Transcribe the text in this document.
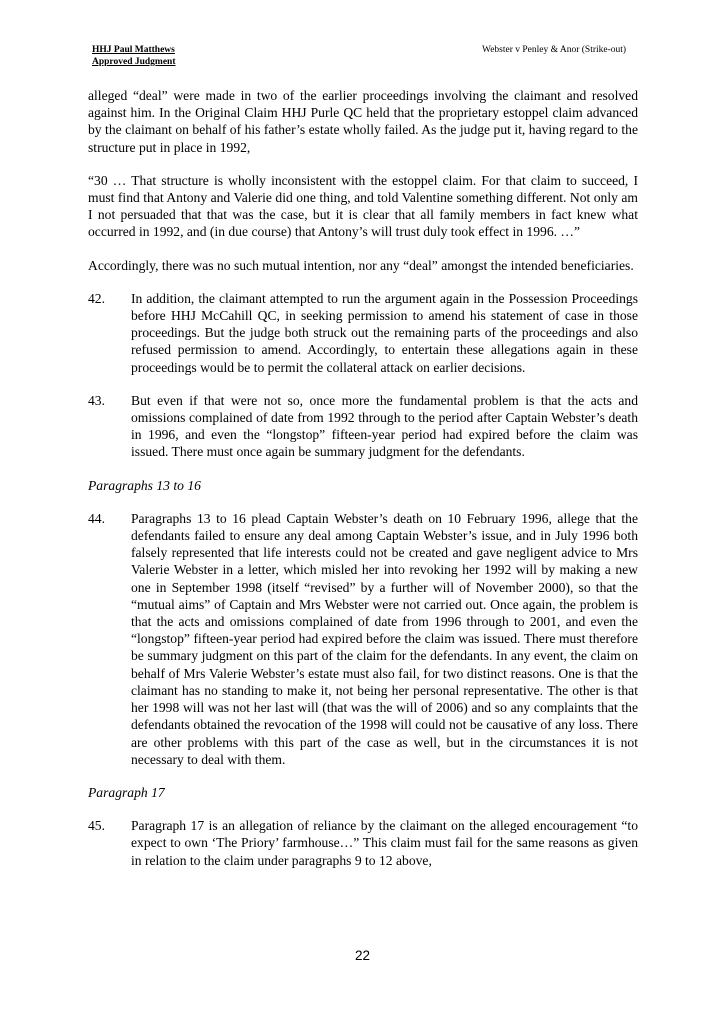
HHJ Paul Matthews
Approved Judgment
Webster v Penley & Anor (Strike-out)

alleged “deal” were made in two of the earlier proceedings involving the claimant and resolved against him. In the Original Claim HHJ Purle QC held that the proprietary estoppel claim advanced by the claimant on behalf of his father’s estate wholly failed. As the judge put it, having regard to the structure put in place in 1992,

“30 … That structure is wholly inconsistent with the estoppel claim. For that claim to succeed, I must find that Antony and Valerie did one thing, and told Valentine something different. Not only am I not persuaded that that was the case, but it is clear that all family members in fact knew what occurred in 1992, and (in due course) that Antony’s will trust duly took effect in 1996. …”

Accordingly, there was no such mutual intention, nor any “deal” amongst the intended beneficiaries.

42.	In addition, the claimant attempted to run the argument again in the Possession Proceedings before HHJ McCahill QC, in seeking permission to amend his statement of case in those proceedings. But the judge both struck out the remaining parts of the proceedings and also refused permission to amend. Accordingly, to entertain these allegations again in these proceedings would be to permit the collateral attack on earlier decisions.
43.	But even if that were not so, once more the fundamental problem is that the acts and omissions complained of date from 1992 through to the period after Captain Webster’s death in 1996, and even the “longstop” fifteen-year period had expired before the claim was issued. There must once again be summary judgment for the defendants.

Paragraphs 13 to 16

44.	Paragraphs 13 to 16 plead Captain Webster’s death on 10 February 1996, allege that the defendants failed to ensure any deal among Captain Webster’s issue, and in July 1996 both falsely represented that life interests could not be created and gave negligent advice to Mrs Valerie Webster in a letter, which misled her into revoking her 1992 will by making a new one in September 1998 (itself “revised” by a further will of November 2000), so that the “mutual aims” of Captain and Mrs Webster were not carried out. Once again, the problem is that the acts and omissions complained of date from 1996 through to 2001, and even the “longstop” fifteen-year period had expired before the claim was issued. There must therefore be summary judgment on this part of the claim for the defendants. In any event, the claim on behalf of Mrs Valerie Webster’s estate must also fail, for two distinct reasons. One is that the claimant has no standing to make it, not being her personal representative. The other is that her 1998 will was not her last will (that was the will of 2006) and so any complaints that the defendants obtained the revocation of the 1998 will could not be causative of any loss. There are other problems with this part of the case as well, but in the circumstances it is not necessary to deal with them.

Paragraph 17

45.	Paragraph 17 is an allegation of reliance by the claimant on the alleged encouragement “to expect to own ‘The Priory’ farmhouse…” This claim must fail for the same reasons as given in relation to the claim under paragraphs 9 to 12 above,
22
